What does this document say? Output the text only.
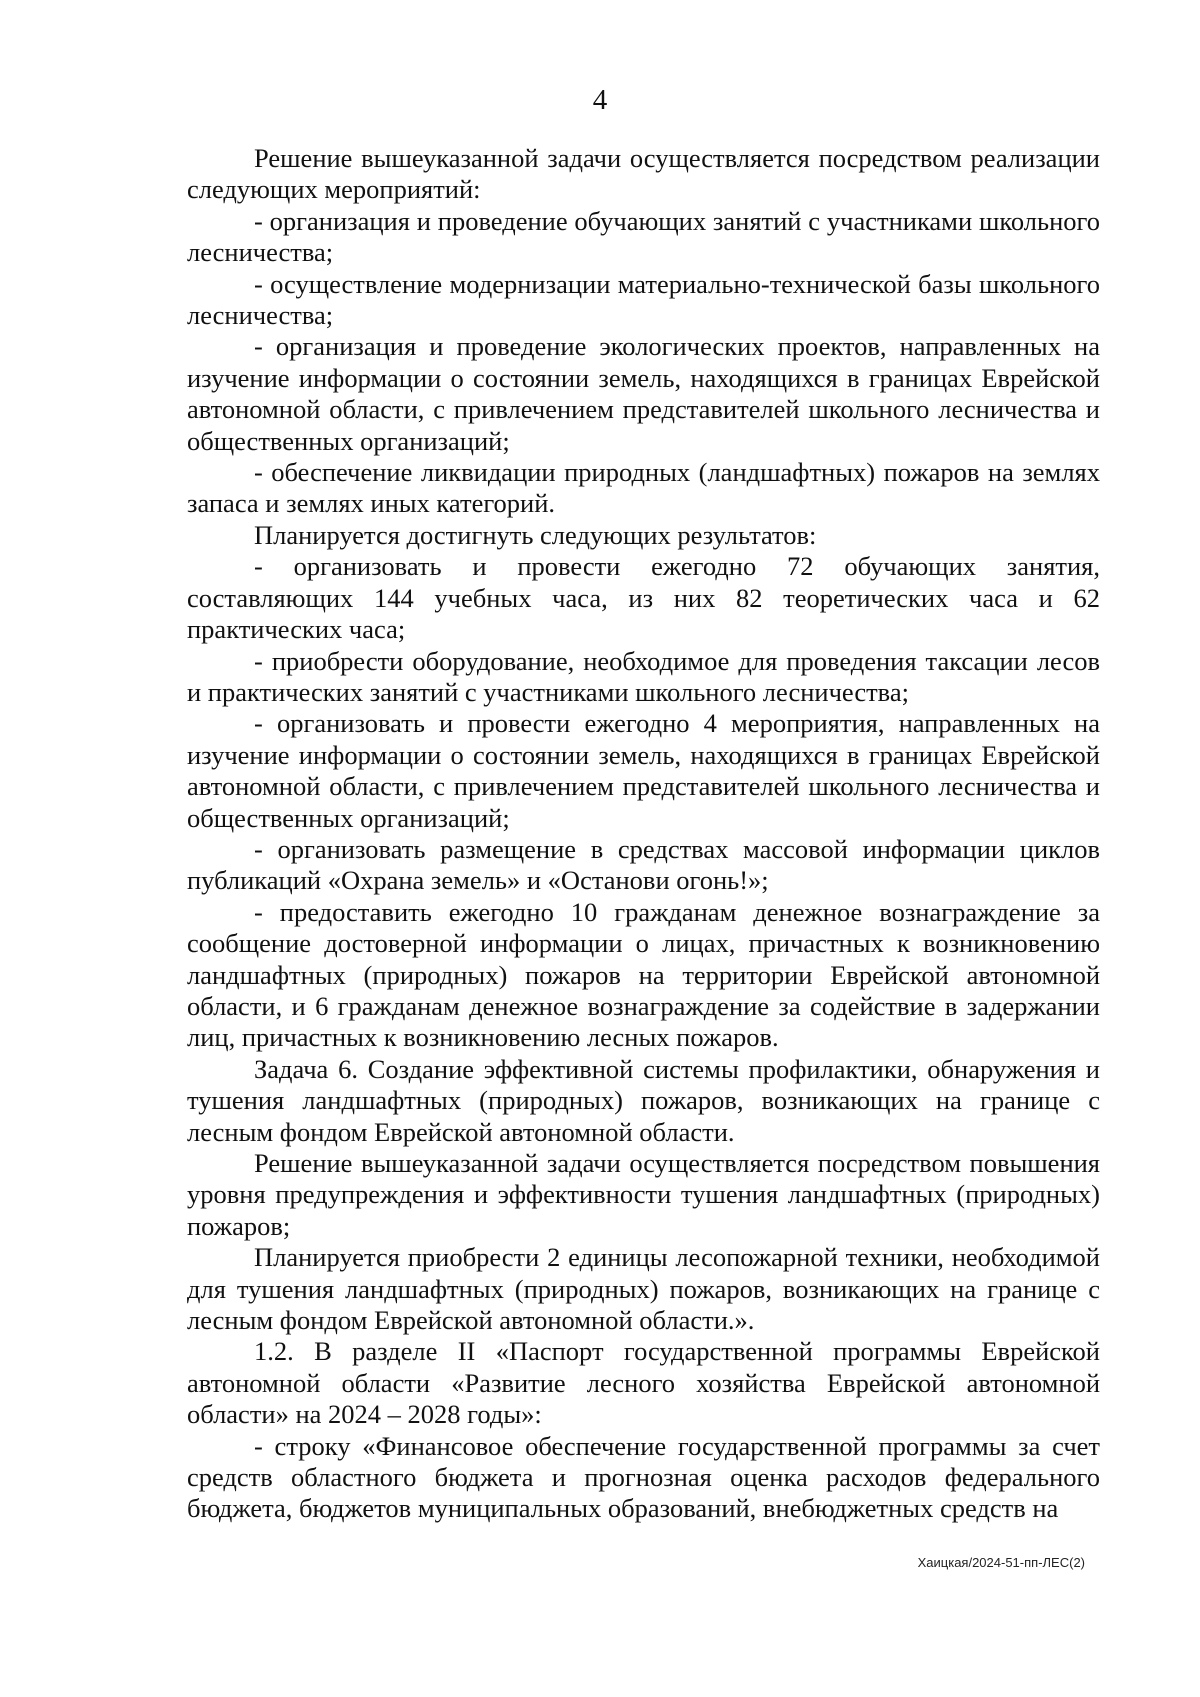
4

Решение вышеуказанной задачи осуществляется посредством реализации следующих мероприятий:

- организация и проведение обучающих занятий с участниками школьного лесничества;

- осуществление модернизации материально-технической базы школьного лесничества;

- организация и проведение экологических проектов, направленных на изучение информации о состоянии земель, находящихся в границах Еврейской автономной области, с привлечением представителей школьного лесничества и общественных организаций;

- обеспечение ликвидации природных (ландшафтных) пожаров на землях запаса и землях иных категорий.

Планируется достигнуть следующих результатов:

- организовать и провести ежегодно 72 обучающих занятия, составляющих 144 учебных часа, из них 82 теоретических часа и 62 практических часа;

- приобрести оборудование, необходимое для проведения таксации лесов и практических занятий с участниками школьного лесничества;

- организовать и провести ежегодно 4 мероприятия, направленных на изучение информации о состоянии земель, находящихся в границах Еврейской автономной области, с привлечением представителей школьного лесничества и общественных организаций;

- организовать размещение в средствах массовой информации циклов публикаций «Охрана земель» и «Останови огонь!»;

- предоставить ежегодно 10 гражданам денежное вознаграждение за сообщение достоверной информации о лицах, причастных к возникновению ландшафтных (природных) пожаров на территории Еврейской автономной области, и 6 гражданам денежное вознаграждение за содействие в задержании лиц, причастных к возникновению лесных пожаров.

Задача 6. Создание эффективной системы профилактики, обнаружения и тушения ландшафтных (природных) пожаров, возникающих на границе с лесным фондом Еврейской автономной области.

Решение вышеуказанной задачи осуществляется посредством повышения уровня предупреждения и эффективности тушения ландшафтных (природных) пожаров;

Планируется приобрести 2 единицы лесопожарной техники, необходимой для тушения ландшафтных (природных) пожаров, возникающих на границе с лесным фондом Еврейской автономной области.».

1.2. В разделе II «Паспорт государственной программы Еврейской автономной области «Развитие лесного хозяйства Еврейской автономной области» на 2024 – 2028 годы»:

- строку «Финансовое обеспечение государственной программы за счет средств областного бюджета и прогнозная оценка расходов федерального бюджета, бюджетов муниципальных образований, внебюджетных средств на

Хаицкая/2024-51-пп-ЛЕС(2)
